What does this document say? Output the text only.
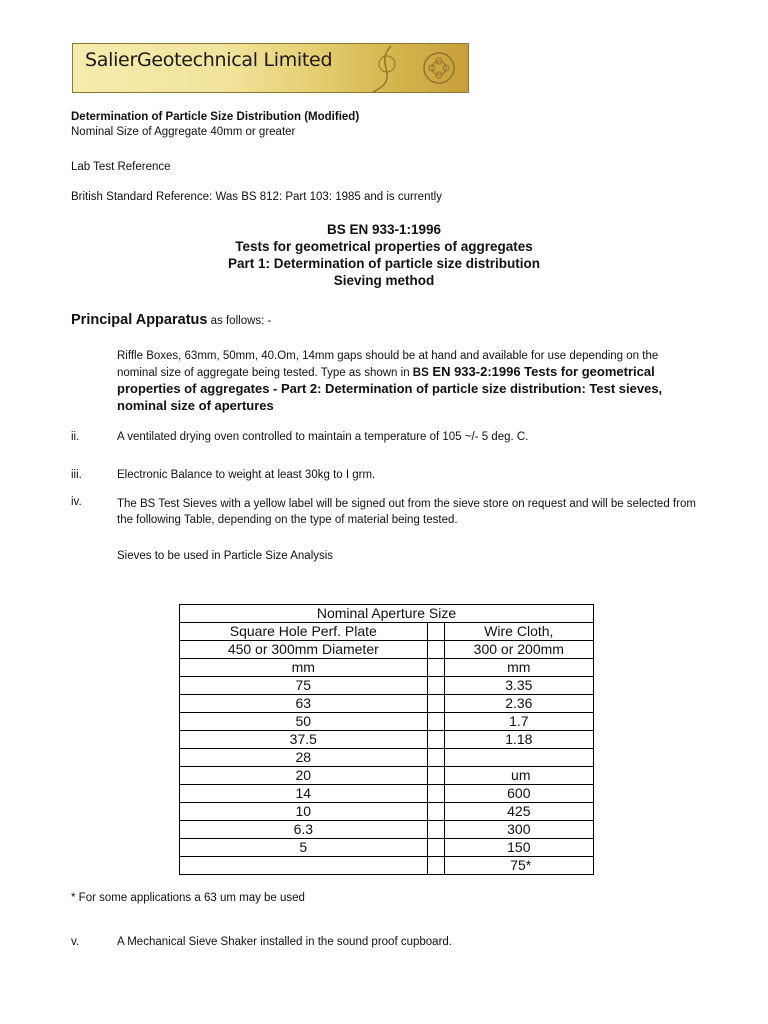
SalierGeotechnical Limited
Determination of Particle Size Distribution (Modified)
Nominal Size of Aggregate 40mm or greater
Lab Test Reference
British Standard Reference: Was BS 812: Part 103: 1985 and is currently
BS EN 933-1:1996
Tests for geometrical properties of aggregates
Part 1: Determination of particle size distribution
Sieving method
Principal Apparatus as follows: -
Riffle Boxes, 63mm, 50mm, 40.Om, 14mm gaps should be at hand and available for use depending on the nominal size of aggregate being tested. Type as shown in BS EN 933-2:1996 Tests for geometrical properties of aggregates - Part 2: Determination of particle size distribution: Test sieves, nominal size of apertures
ii.	A ventilated drying oven controlled to maintain a temperature of 105 ~/- 5 deg. C.
iii.	Electronic Balance to weight at least 30kg to I grm.
iv.	The BS Test Sieves with a yellow label will be signed out from the sieve store on request and will be selected from the following Table, depending on the type of material being tested.
Sieves to be used in Particle Size Analysis
Nominal Aperture Size		
Square Hole Perf. Plate		Wire Cloth,
450 or 300mm Diameter		300 or 200mm
mm		mm
75		3.35
63		2.36
50		1.7
37.5		1.18
28		
20		um
14		600
10		425
6.3		300
5		150
		75*
* For some applications a 63 um may be used
v.	A Mechanical Sieve Shaker installed in the sound proof cupboard.
